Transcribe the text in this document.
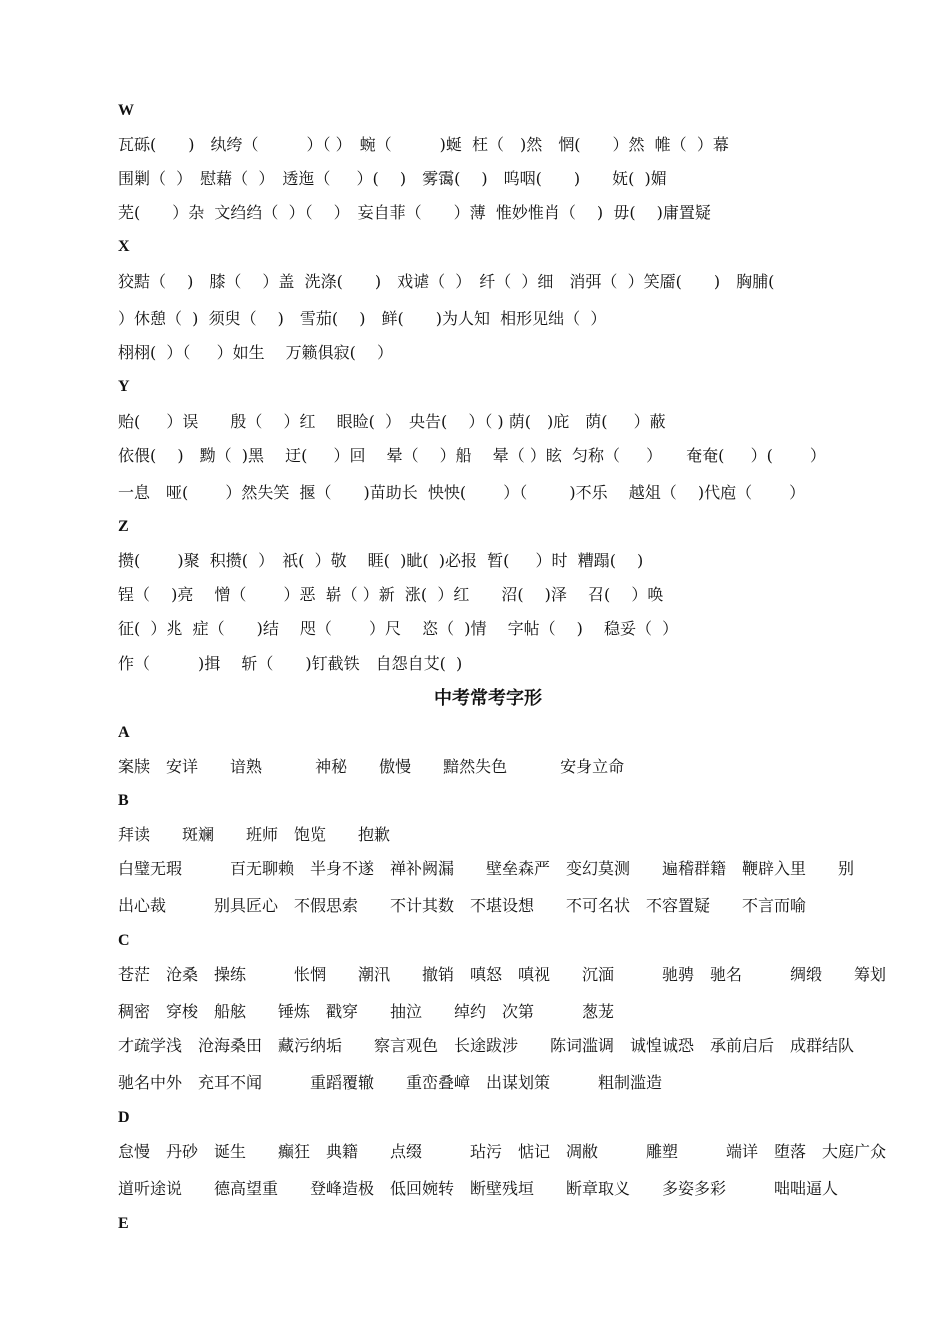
W
瓦砾(　　)　纨绔（　　　）（ ）　蜿（　　　)蜒  枉（　)然　惘(　　）然  帷（  ）幕
围剿（  ）　慰藉（  ）　透迤（　  ）(　 )　雾霭(　 )　呜咽(　　)　　妩(  )媚
芜(　　）杂  文绉绉（  ）（　 ）　妄自菲（　　）薄  惟妙惟肖（　 )  毋(　 )庸置疑
X
狡黠（　 )　膝（　 ）盖  洗涤(　　)　戏谑（  ）　纤（  ）细　消弭（  ）笑靥(　　)　胸脯(
）休憩（  )  须臾（　 )　雪茄(　 )　鲜(　　)为人知  相形见绌（  ）
栩栩(  ）（　  ）如生　 万籁俱寂(　 ）
Y
贻(　  ）误　　殷（　 ）红　 眼睑(  ）　央告(　 ）（ ) 荫(　)庇　荫(　  ）蔽
依偎(　 )　黝（  )黑　 迂(　  ）回　 晕（　 ）船　 晕（ ）眩  匀称（　  ）　　奄奄(　  ）(　　 ）
一息　哑(　　 ）然失笑  揠（　　)苗助长  怏怏(　　 ）（　　  )不乐　 越俎（　 )代庖（　　 ）
Z
攒(　　 )聚  积攒(  ）　祇(  ）敬　 睚(  )眦(  )必报  暂(　  ）时  糟蹋(　 )
锃（　 )亮　 憎（　　 ）恶  崭（ ）新  涨(  ）红　　沼(　 )泽　 召(　 ）唤
征(  ）兆  症（　　)结　 咫（　　 ）尺　 恣（  )情　 字帖（　 )　 稳妥（  ）
作（　　　)揖　 斩（　　)钉截铁　自怨自艾(  )
中考常考字形
A
案牍　安详　　谙熟　　　 神秘　　傲慢　　黯然失色　　　 安身立命
B
拜读　　斑斓　　班师　饱览　　抱歉
白璧无瑕　　　百无聊赖　半身不遂　禅补阙漏　　壁垒森严　变幻莫测　　遍稽群籍　鞭辟入里　　别
出心裁　　　别具匠心　不假思索　　不计其数　不堪设想　　不可名状　不容置疑　　不言而喻
C
苍茫　沧桑　操练　　　怅惘　　潮汛　　撤销　嗔怒　嗔视　　沉湎　　　驰骋　驰名　　　绸缎　　筹划
稠密　穿梭　船舷　　锤炼　戳穿　　抽泣　　绰约　次第　　　葱茏
才疏学浅　沧海桑田　藏污纳垢　　察言观色　长途跋涉　　陈词滥调　诚惶诚恐　承前启后　成群结队
驰名中外　充耳不闻　　　重蹈覆辙　　重峦叠嶂　出谋划策　　　粗制滥造
D
怠慢　丹砂　诞生　　癫狂　典籍　　点缀　　　玷污　惦记　凋敝　　　雕塑　　　端详　堕落　大庭广众
道听途说　　德高望重　　登峰造极　低回婉转　断壁残垣　　断章取义　　多姿多彩　　　咄咄逼人
E
